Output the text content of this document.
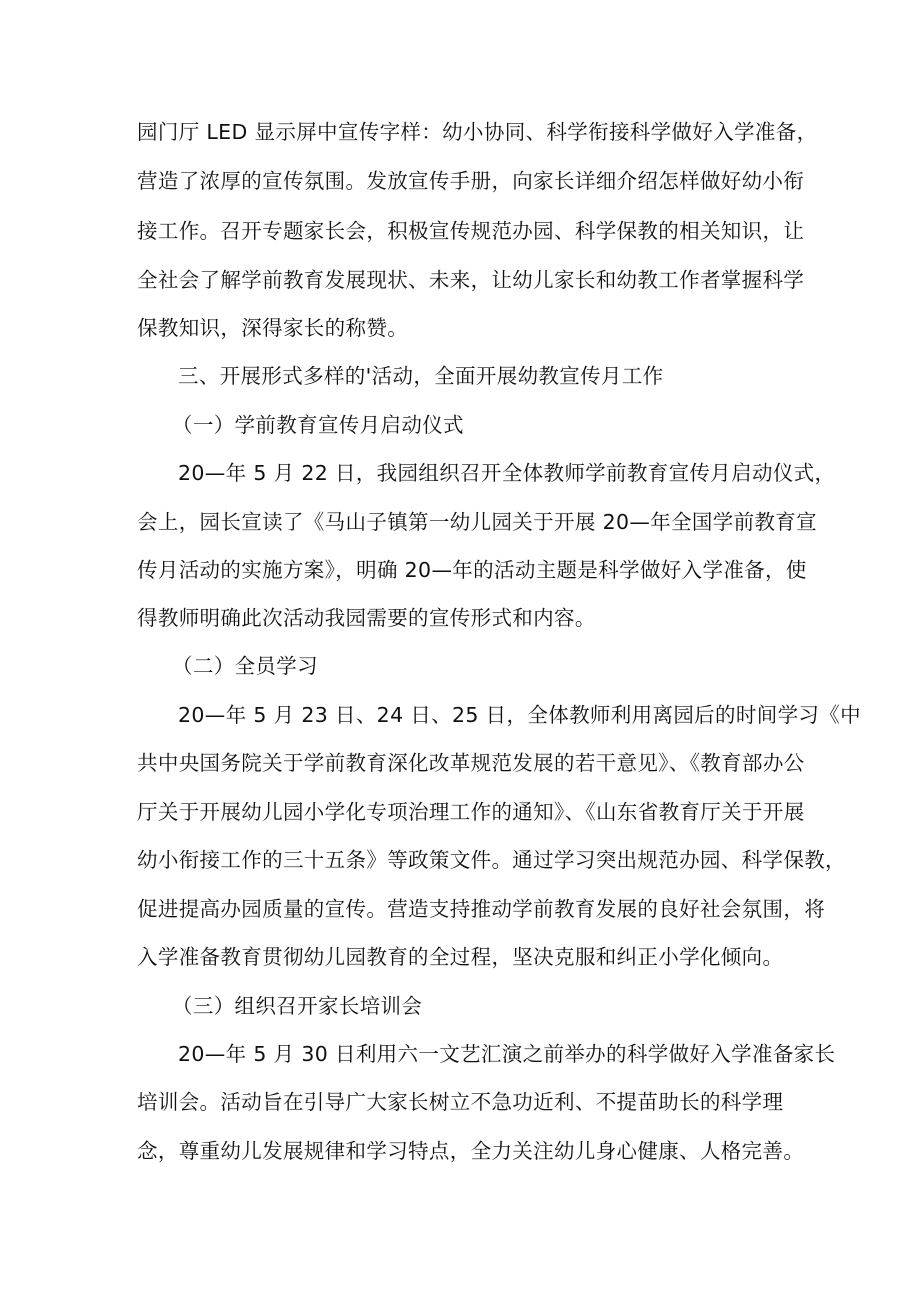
园门厅 LED 显示屏中宣传字样：幼小协同、科学衔接科学做好入学准备，
营造了浓厚的宣传氛围。发放宣传手册，向家长详细介绍怎样做好幼小衔
接工作。召开专题家长会，积极宣传规范办园、科学保教的相关知识，让
全社会了解学前教育发展现状、未来，让幼儿家长和幼教工作者掌握科学
保教知识，深得家长的称赞。
三、开展形式多样的'活动，全面开展幼教宣传月工作
（一）学前教育宣传月启动仪式
20—年 5 月 22 日，我园组织召开全体教师学前教育宣传月启动仪式，
会上，园长宣读了《马山子镇第一幼儿园关于开展 20—年全国学前教育宣
传月活动的实施方案》，明确 20—年的活动主题是科学做好入学准备，使
得教师明确此次活动我园需要的宣传形式和内容。
（二）全员学习
20—年 5 月 23 日、24 日、25 日，全体教师利用离园后的时间学习《中
共中央国务院关于学前教育深化改革规范发展的若干意见》、《教育部办公
厅关于开展幼儿园小学化专项治理工作的通知》、《山东省教育厅关于开展
幼小衔接工作的三十五条》等政策文件。通过学习突出规范办园、科学保教，
促进提高办园质量的宣传。营造支持推动学前教育发展的良好社会氛围，将
入学准备教育贯彻幼儿园教育的全过程，坚决克服和纠正小学化倾向。
（三）组织召开家长培训会
20—年 5 月 30 日利用六一文艺汇演之前举办的科学做好入学准备家长
培训会。活动旨在引导广大家长树立不急功近利、不提苗助长的科学理
念，尊重幼儿发展规律和学习特点，全力关注幼儿身心健康、人格完善。
